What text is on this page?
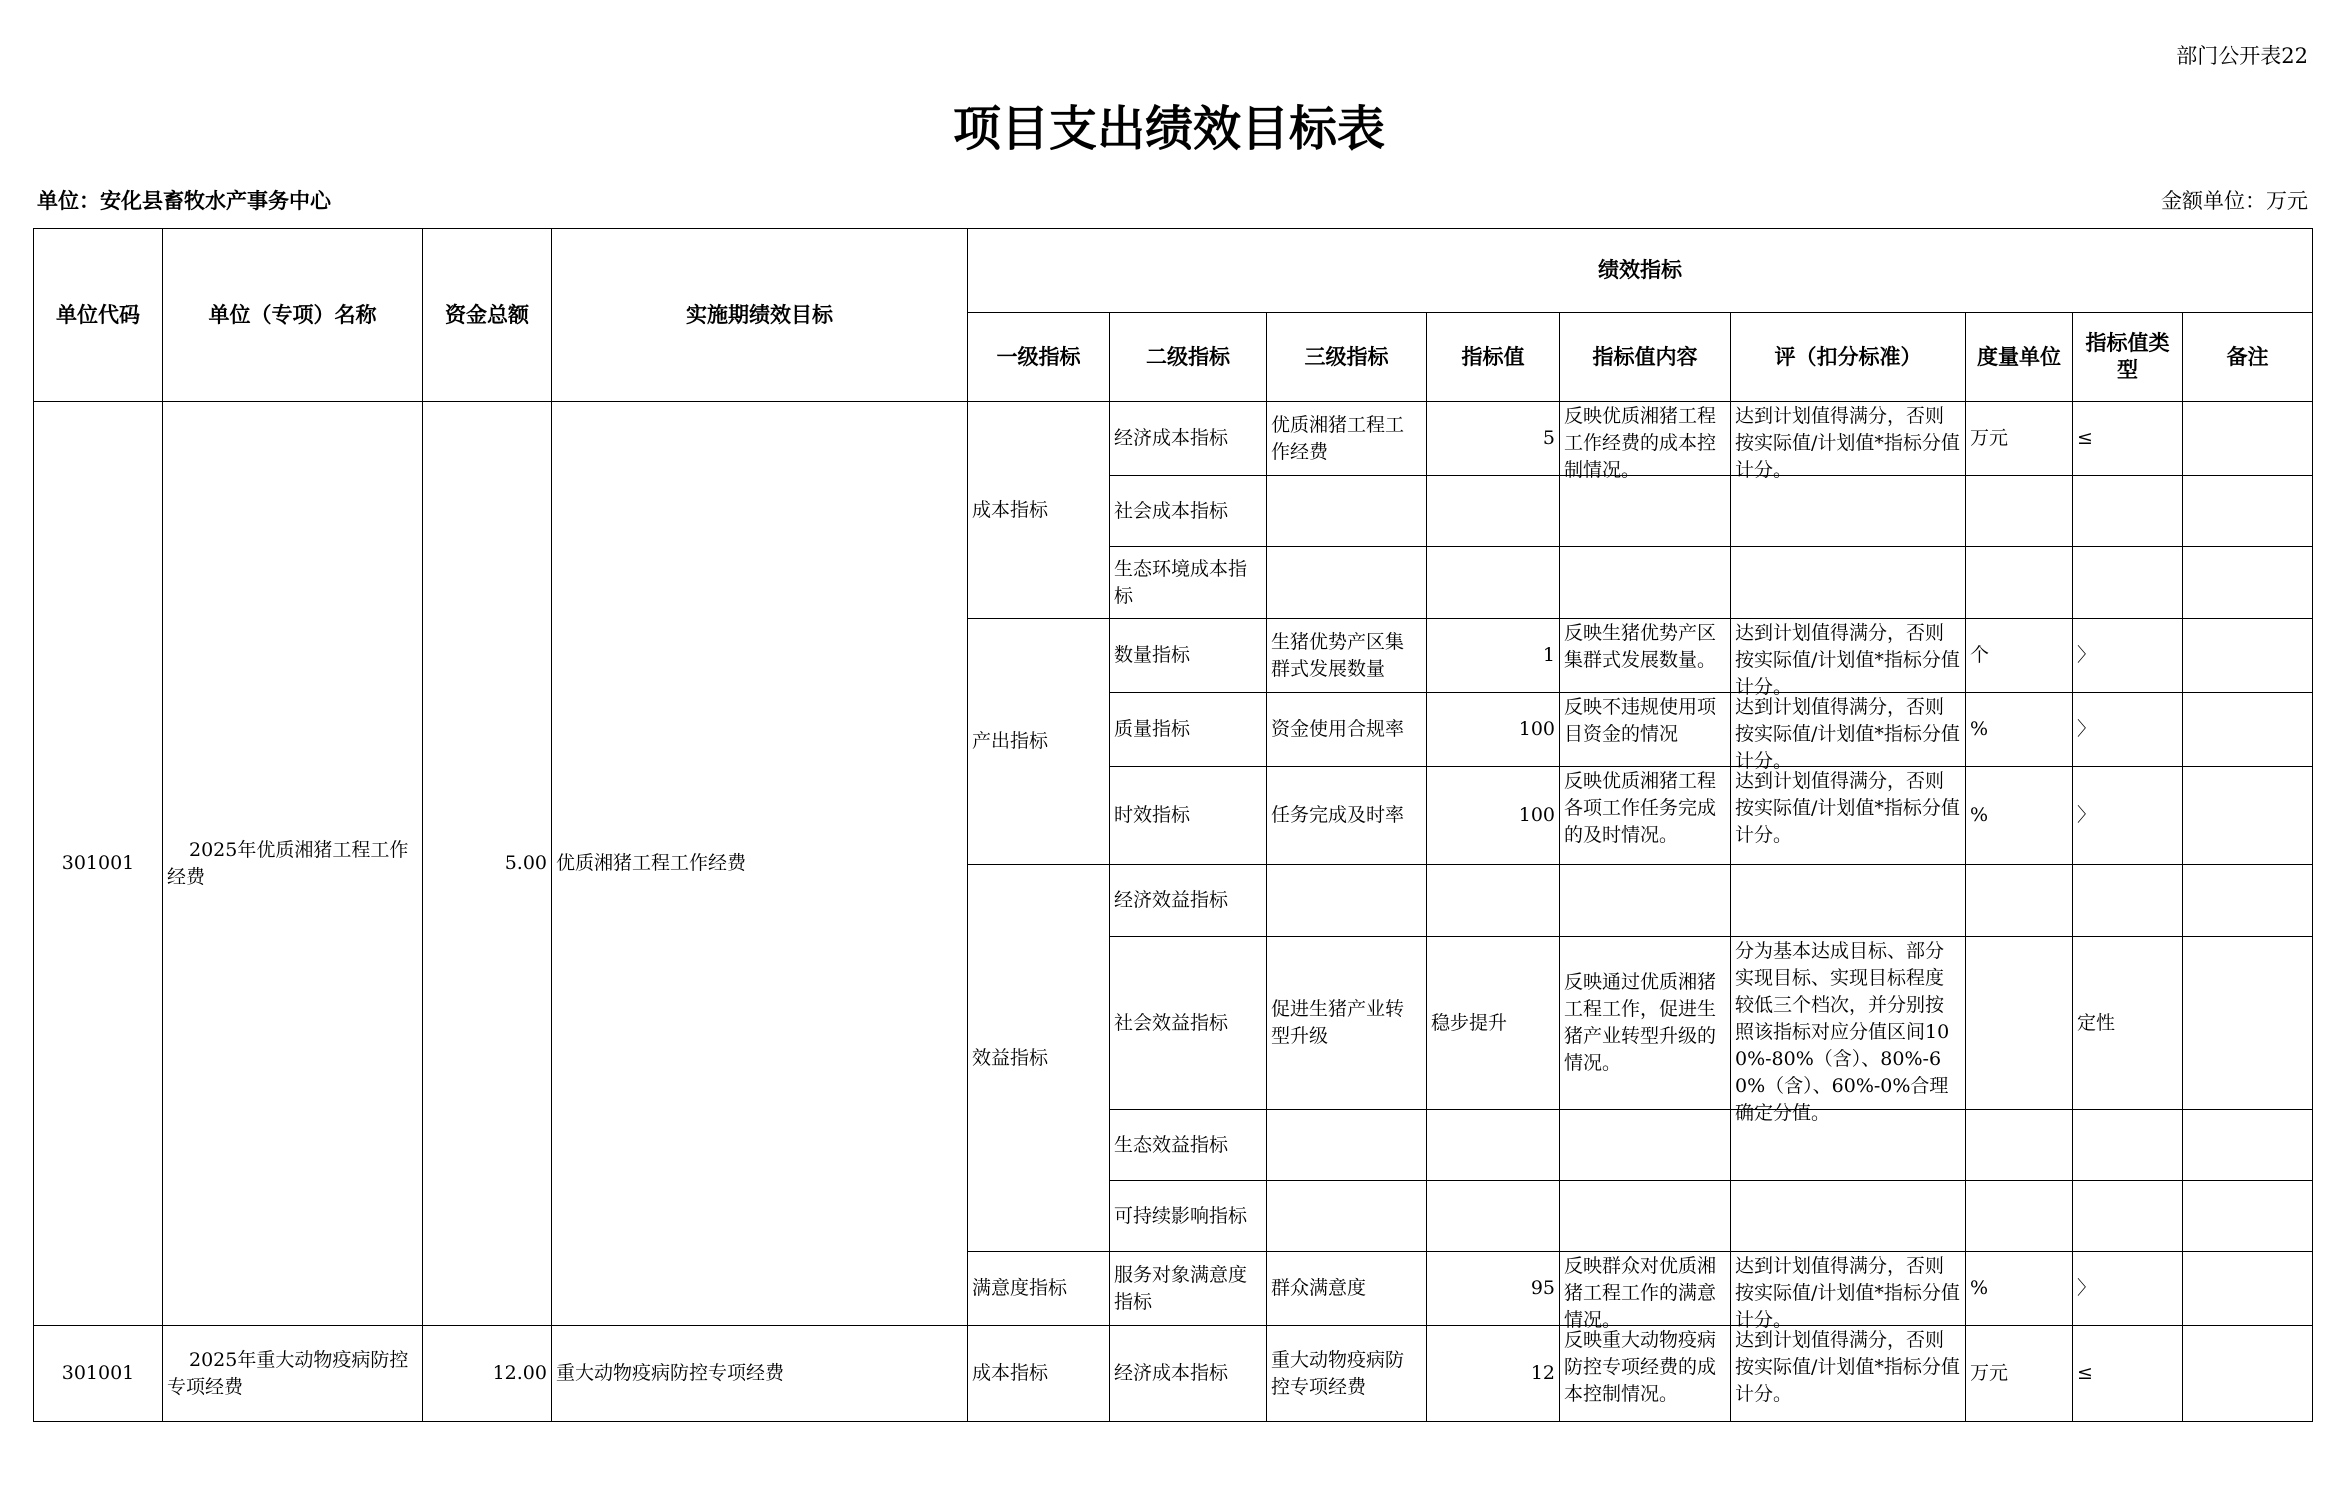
部门公开表22
项目支出绩效目标表
单位：安化县畜牧水产事务中心	金额单位：万元
单位代码	单位（专项）名称	资金总额	实施期绩效目标	绩效指标								
				一级指标	二级指标	三级指标	指标值	指标值内容	评（扣分标准）	度量单位	指标值类型	备注
301001	2025年优质湘猪工程工作经费	5.00	优质湘猪工程工作经费	成本指标	经济成本指标	优质湘猪工程工作经费	5	反映优质湘猪工程工作经费的成本控制情况。	达到计划值得满分，否则按实际值/计划值*指标分值计分。	万元	≤	
					社会成本指标							
					生态环境成本指标							
				产出指标	数量指标	生猪优势产区集群式发展数量	1	反映生猪优势产区集群式发展数量。	达到计划值得满分，否则按实际值/计划值*指标分值计分。	个	〉	
					质量指标	资金使用合规率	100	反映不违规使用项目资金的情况	达到计划值得满分，否则按实际值/计划值*指标分值计分。	%	〉	
					时效指标	任务完成及时率	100	反映优质湘猪工程各项工作任务完成的及时情况。	达到计划值得满分，否则按实际值/计划值*指标分值计分。	%	〉	
				效益指标	经济效益指标							
					社会效益指标	促进生猪产业转型升级	稳步提升	反映通过优质湘猪工程工作，促进生猪产业转型升级的情况。	分为基本达成目标、部分实现目标、实现目标程度较低三个档次，并分别按照该指标对应分值区间100%-80%（含）、80%-60%（含）、60%-0%合理确定分值。		定性	
					生态效益指标							
					可持续影响指标							
				满意度指标	服务对象满意度指标	群众满意度	95	反映群众对优质湘猪工程工作的满意情况。	达到计划值得满分，否则按实际值/计划值*指标分值计分。	%	〉	
301001	2025年重大动物疫病防控专项经费	12.00	重大动物疫病防控专项经费	成本指标	经济成本指标	重大动物疫病防控专项经费	12	反映重大动物疫病防控专项经费的成本控制情况。	达到计划值得满分，否则按实际值/计划值*指标分值计分。	万元	≤	
